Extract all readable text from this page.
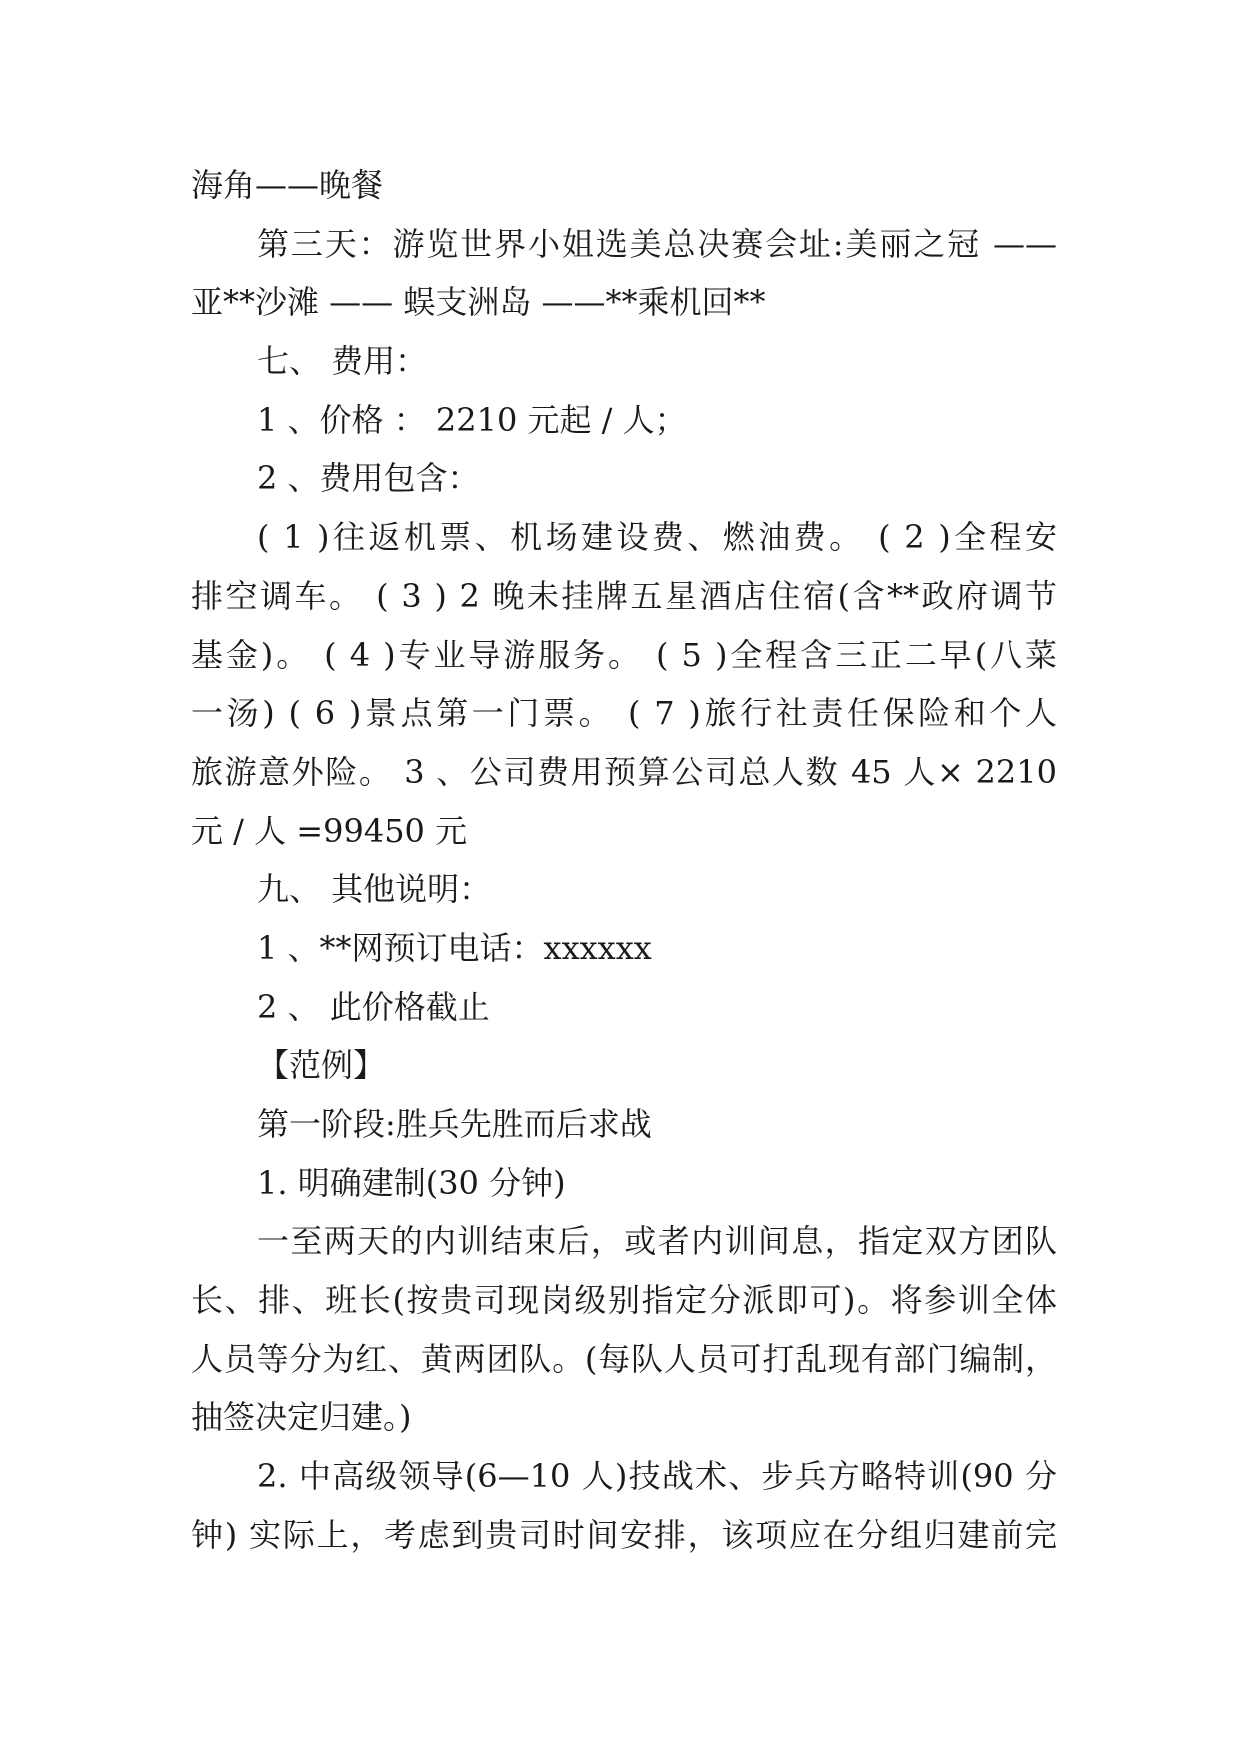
海角——晚餐
第三天：游览世界小姐选美总决赛会址:美丽之冠 ——
亚**沙滩 —— 蜈支洲岛 ——**乘机回**
七、 费用：
1 、价格 ： 2210 元起 / 人；
2 、费用包含：
( 1 )往返机票、机场建设费、燃油费。 ( 2 )全程安
排空调车。 ( 3 ) 2 晚未挂牌五星酒店住宿(含**政府调节
基金)。 ( 4 )专业导游服务。 ( 5 )全程含三正二早(八菜
一汤) ( 6 )景点第一门票。 ( 7 )旅行社责任保险和个人
旅游意外险。 3 、公司费用预算公司总人数 45 人× 2210
元 / 人 =99450 元
九、 其他说明：
1 、**网预订电话：xxxxxx
2 、 此价格截止
【范例】
第一阶段:胜兵先胜而后求战
1. 明确建制(30 分钟)
一至两天的内训结束后，或者内训间息，指定双方团队
长、排、班长(按贵司现岗级别指定分派即可)。将参训全体
人员等分为红、黄两团队。(每队人员可打乱现有部门编制，
抽签决定归建。)
2. 中高级领导(6—10 人)技战术、步兵方略特训(90 分
钟) 实际上，考虑到贵司时间安排，该项应在分组归建前完
